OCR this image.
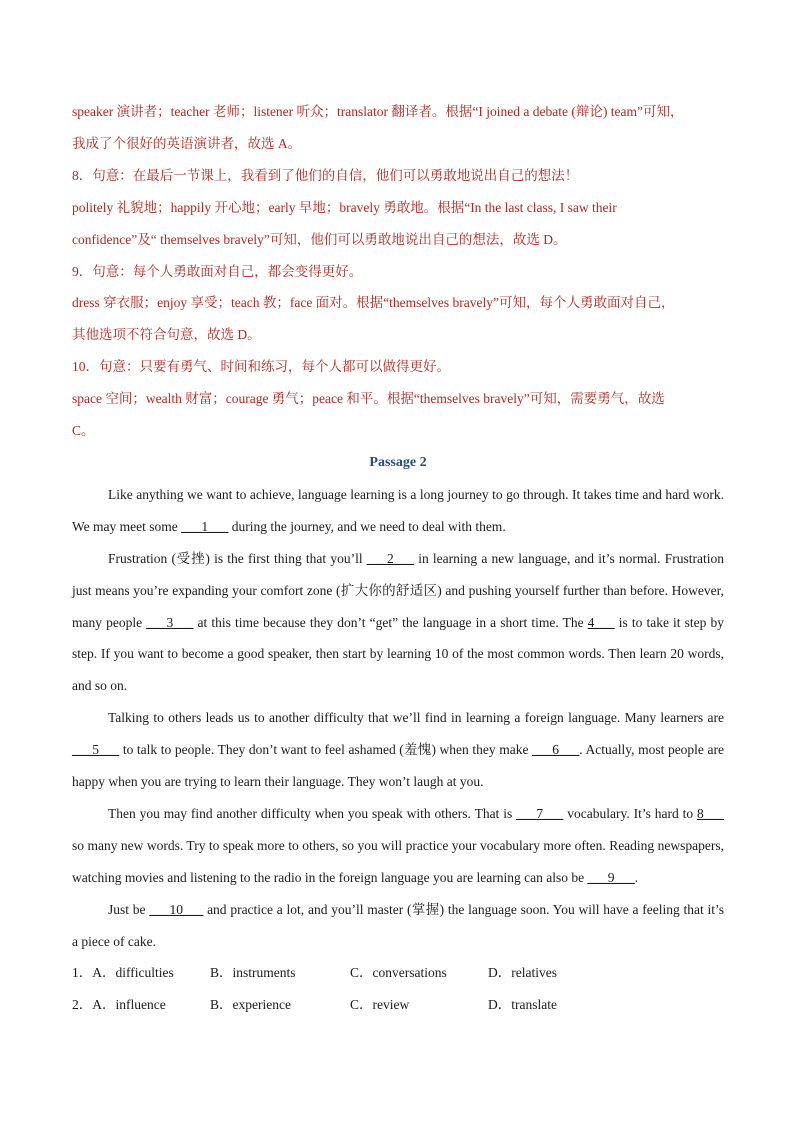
speaker 演讲者；teacher 老师；listener 听众；translator 翻译者。根据“I joined a debate (辩论) team”可知，
我成了个很好的英语演讲者，故选 A。
8．句意：在最后一节课上，我看到了他们的自信，他们可以勇敢地说出自己的想法！
politely 礼貌地；happily 开心地；early 早地；bravely 勇敢地。根据“In the last class, I saw their
confidence”及“ themselves bravely”可知，他们可以勇敢地说出自己的想法，故选 D。
9．句意：每个人勇敢面对自己，都会变得更好。
dress 穿衣服；enjoy 享受；teach 教；face 面对。根据“themselves bravely”可知，每个人勇敢面对自己，
其他选项不符合句意，故选 D。
10．句意：只要有勇气、时间和练习，每个人都可以做得更好。
space 空间；wealth 财富；courage 勇气；peace 和平。根据“themselves bravely”可知，需要勇气，故选
C。
Passage 2
Like anything we want to achieve, language learning is a long journey to go through. It takes time and hard work. We may meet some ___1___ during the journey, and we need to deal with them.
Frustration (受挫) is the first thing that you’ll ___2___ in learning a new language, and it’s normal. Frustration just means you’re expanding your comfort zone (扩大你的舒适区) and pushing yourself further than before. However, many people ___3___ at this time because they don’t “get” the language in a short time. The 4___ is to take it step by step. If you want to become a good speaker, then start by learning 10 of the most common words. Then learn 20 words, and so on.
Talking to others leads us to another difficulty that we’ll find in learning a foreign language. Many learners are ___5___ to talk to people. They don’t want to feel ashamed (羞愧) when they make ___6___. Actually, most people are happy when you are trying to learn their language. They won’t laugh at you.
Then you may find another difficulty when you speak with others. That is ___7___ vocabulary. It’s hard to 8___ so many new words. Try to speak more to others, so you will practice your vocabulary more often. Reading newspapers, watching movies and listening to the radio in the foreign language you are learning can also be ___9___.
Just be ___10___ and practice a lot, and you’ll master (掌握) the language soon. You will have a feeling that it’s a piece of cake.
1．A．difficulties	B．instruments	C．conversations	D．relatives
2．A．influence	B．experience	C．review	D．translate
